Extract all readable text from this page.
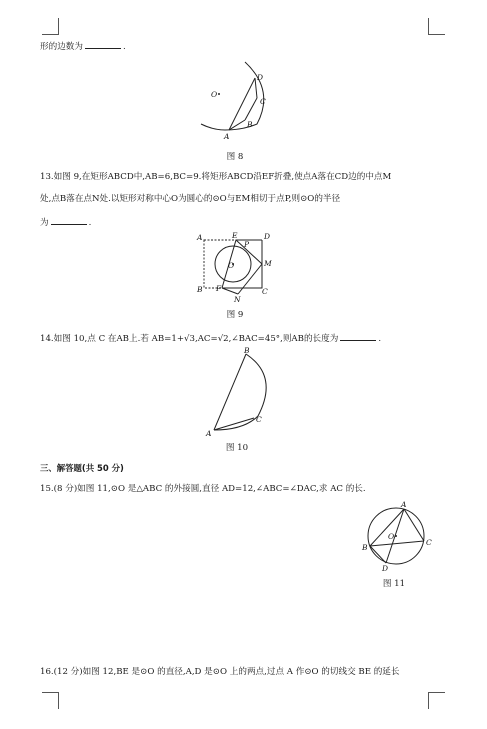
形的边数为	.
O
D
C
B
A
图 8
13.如图 9,在矩形ABCD中,AB=6,BC=9.将矩形ABCD沿EF折叠,使点A落在CD边的中点M
处,点B落在点N处.以矩形对称中心O为圆心的⊙O与EM相切于点P,则⊙O的半径
为	.
A	E	D
P
O	M
B F	C
N
图 9
14.如图 10,点 C 在AB上.若 AB=1+√3,AC=√2,∠BAC=45°,则AB的长度为	.
B
C
A
图 10
三、解答题(共 50 分)
15.(8 分)如图 11,⊙O 是△ABC 的外接圆,直径 AD=12,∠ABC=∠DAC,求 AC 的长.
A
O
B
C
D
图 11
16.(12 分)如图 12,BE 是⊙O 的直径,A,D 是⊙O 上的两点,过点 A 作⊙O 的切线交 BE 的延长
